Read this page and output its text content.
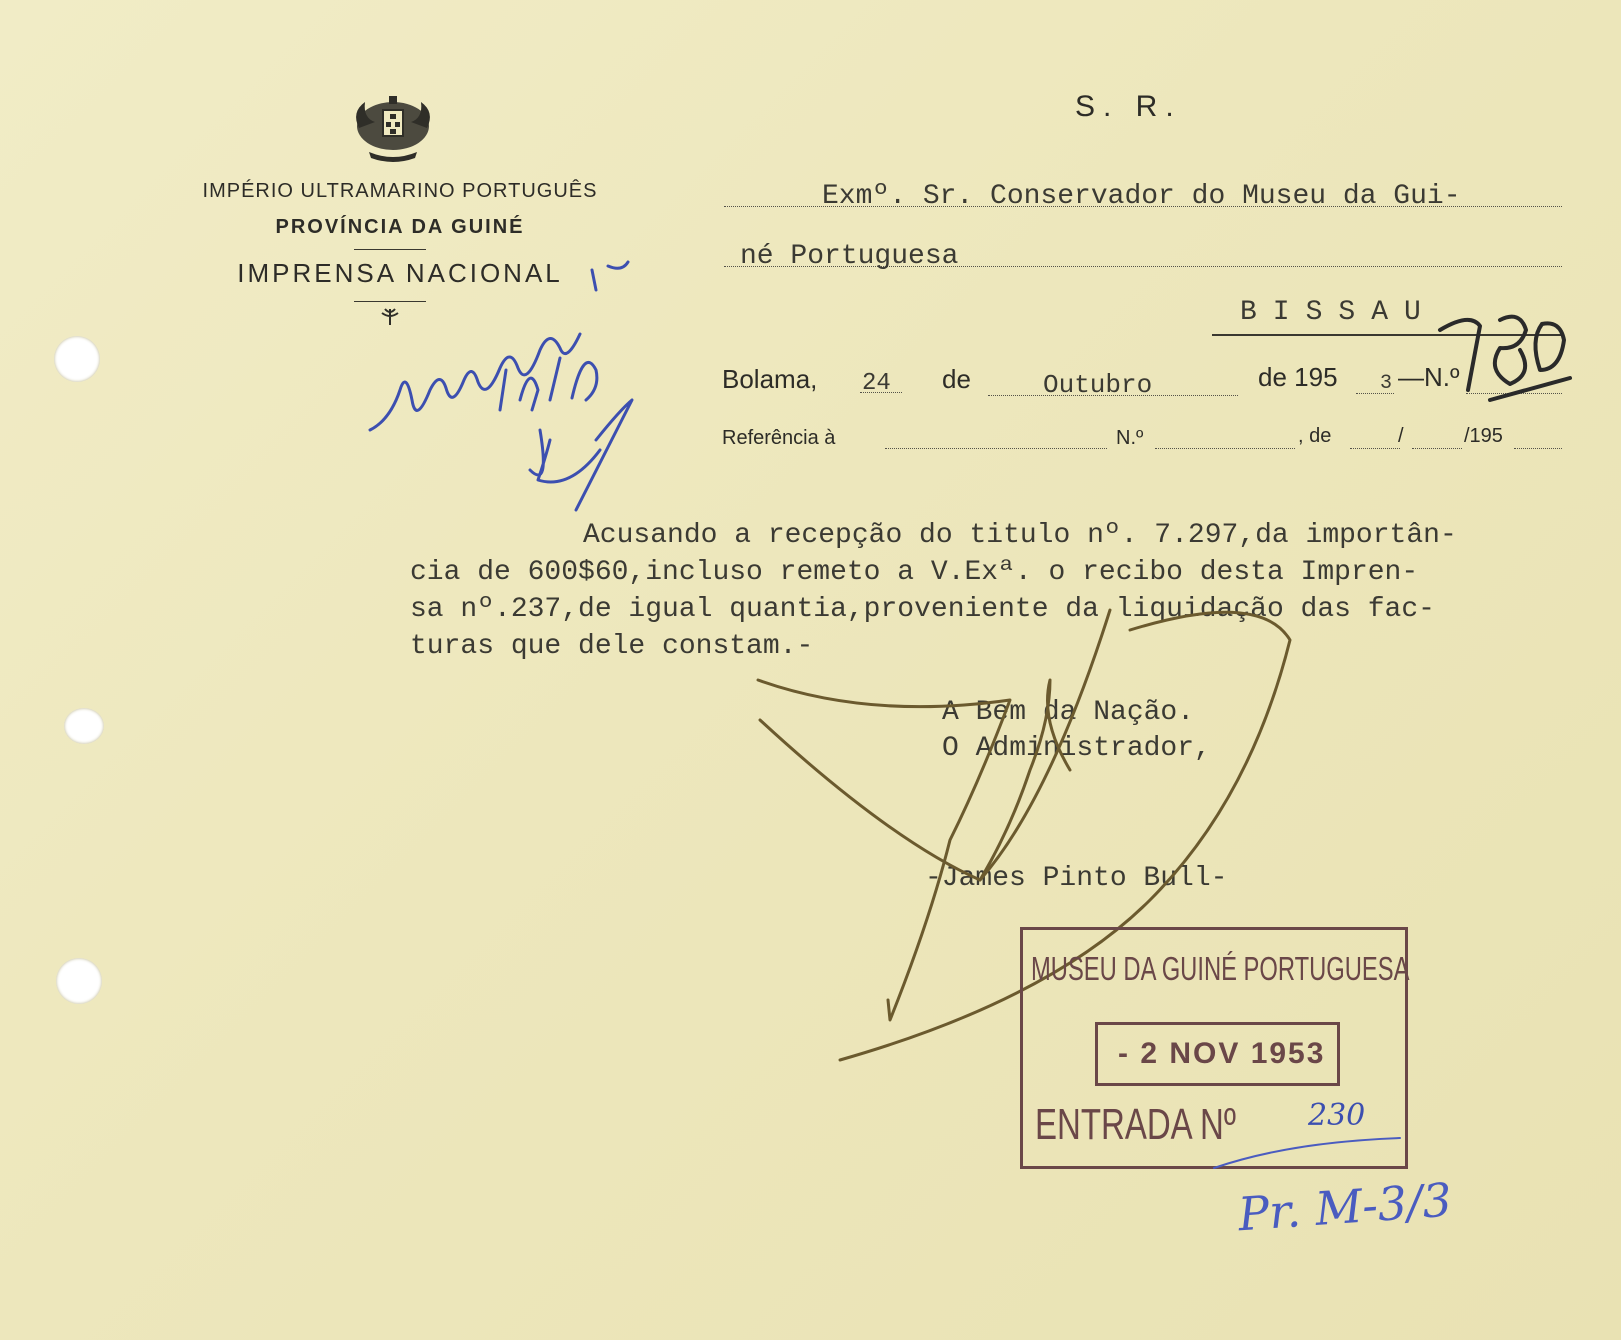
IMPÉRIO ULTRAMARINO PORTUGUÊS
PROVÍNCIA DA GUINÉ
IMPRENSA NACIONAL
S. R.
Exmº. Sr. Conservador do Museu da Gui-
né Portuguesa
BISSAU
Bolama, 24 de	Outubro	de 195 3 —N.º
Referência à	N.º	, de	/	/195
Acusando a recepção do titulo nº. 7.297,da importân-
cia de 600$60,incluso remeto a V.Exª. o recibo desta Impren-
sa nº.237,de igual quantia,proveniente da liquidação das fac-
turas que dele constam.-
A Bem da Nação.
O Administrador,
-James Pinto Bull-
MUSEU DA GUINÉ PORTUGUESA
- 2 NOV 1953
ENTRADA Nº 230
Pr. M-3/3
